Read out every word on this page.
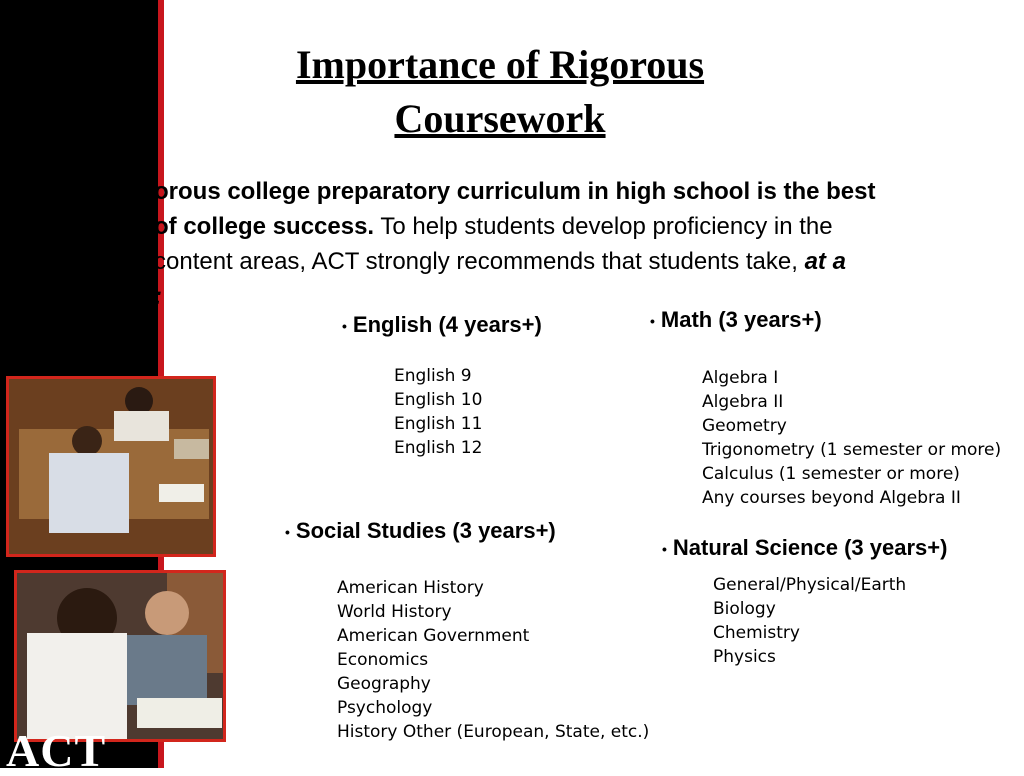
ACT
Importance of Rigorous
Coursework
orous college preparatory curriculum in high school is the best
of college success. To help students develop proficiency in the
content areas, ACT strongly recommends that students take, at a
:
• English (4 years+)
English 9
English 10
English 11
English 12
• Math (3 years+)
Algebra I
Algebra II
Geometry
Trigonometry (1 semester or more)
Calculus (1 semester or more)
Any courses beyond Algebra II
• Social Studies (3 years+)
American History
World History
American Government
Economics
Geography
Psychology
History Other (European, State, etc.)
• Natural Science (3 years+)
General/Physical/Earth
Biology
Chemistry
Physics
